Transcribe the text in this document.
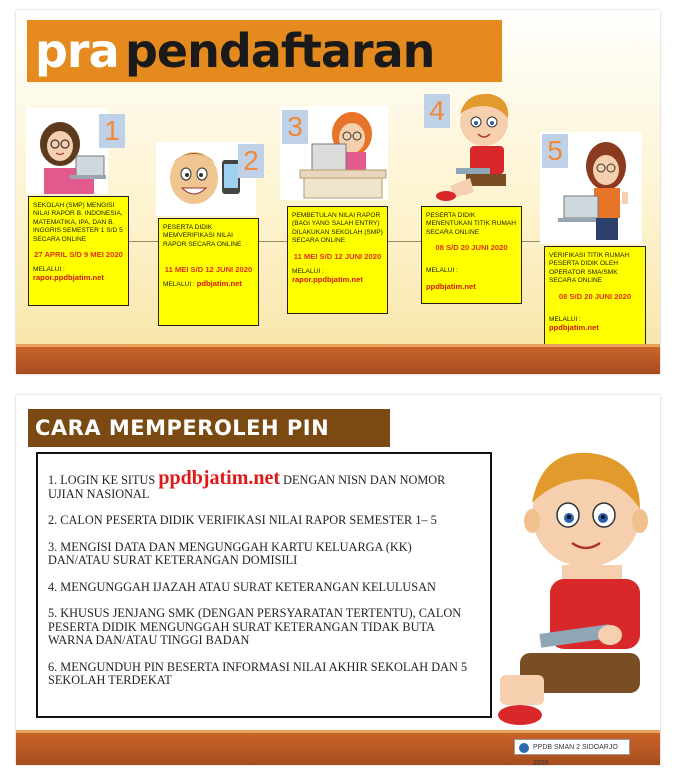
pra pendaftaran
1
SEKOLAH (SMP) MENGISI NILAI RAPOR B. INDONESIA, MATEMATIKA, IPA, DAN B. INGGRIS SEMESTER 1 S/D 5 SECARA ONLINE
27 APRIL S/D 9 MEI 2020
MELALUI :
rapor.ppdbjatim.net
2
PESERTA DIDIK MEMVERIFIKASI NILAI RAPOR SECARA ONLINE
11 MEI S/D 12 JUNI 2020
MELALUI : pdbjatim.net
3
PEMBETULAN NILAI RAPOR (BAGI YANG SALAH ENTRY) DILAKUKAN SEKOLAH (SMP) SECARA ONLINE
11 MEI S/D 12 JUNI 2020
MELALUI :
rapor.ppdbjatim.net
4
PESERTA DIDIK MENENTUKAN TITIK RUMAH SECARA ONLINE
08 S/D 20 JUNI 2020
MELALUI :
ppdbjatim.net
5
VERIFIKASI TITIK RUMAH PESERTA DIDIK OLEH OPERATOR SMA/SMK SECARA ONLINE
08 S/D 20 JUNI 2020
MELALUI :
ppdbjatim.net
CARA MEMPEROLEH PIN

1. LOGIN KE SITUS ppdbjatim.net DENGAN NISN DAN NOMOR UJIAN NASIONAL

2. CALON PESERTA DIDIK VERIFIKASI NILAI RAPOR SEMESTER 1– 5

3. MENGISI DATA DAN MENGUNGGAH KARTU KELUARGA (KK) DAN/ATAU SURAT KETERANGAN DOMISILI

4. MENGUNGGAH IJAZAH ATAU SURAT KETERANGAN KELULUSAN

5. KHUSUS JENJANG SMK (DENGAN PERSYARATAN TERTENTU), CALON PESERTA DIDIK MENGUNGGAH SURAT KETERANGAN TIDAK BUTA WARNA DAN/ATAU TINGGI BADAN

6. MENGUNDUH PIN BESERTA INFORMASI NILAI AKHIR SEKOLAH DAN 5 SEKOLAH TERDEKAT

PPDB SMAN 2 SIDOARJO 2020
